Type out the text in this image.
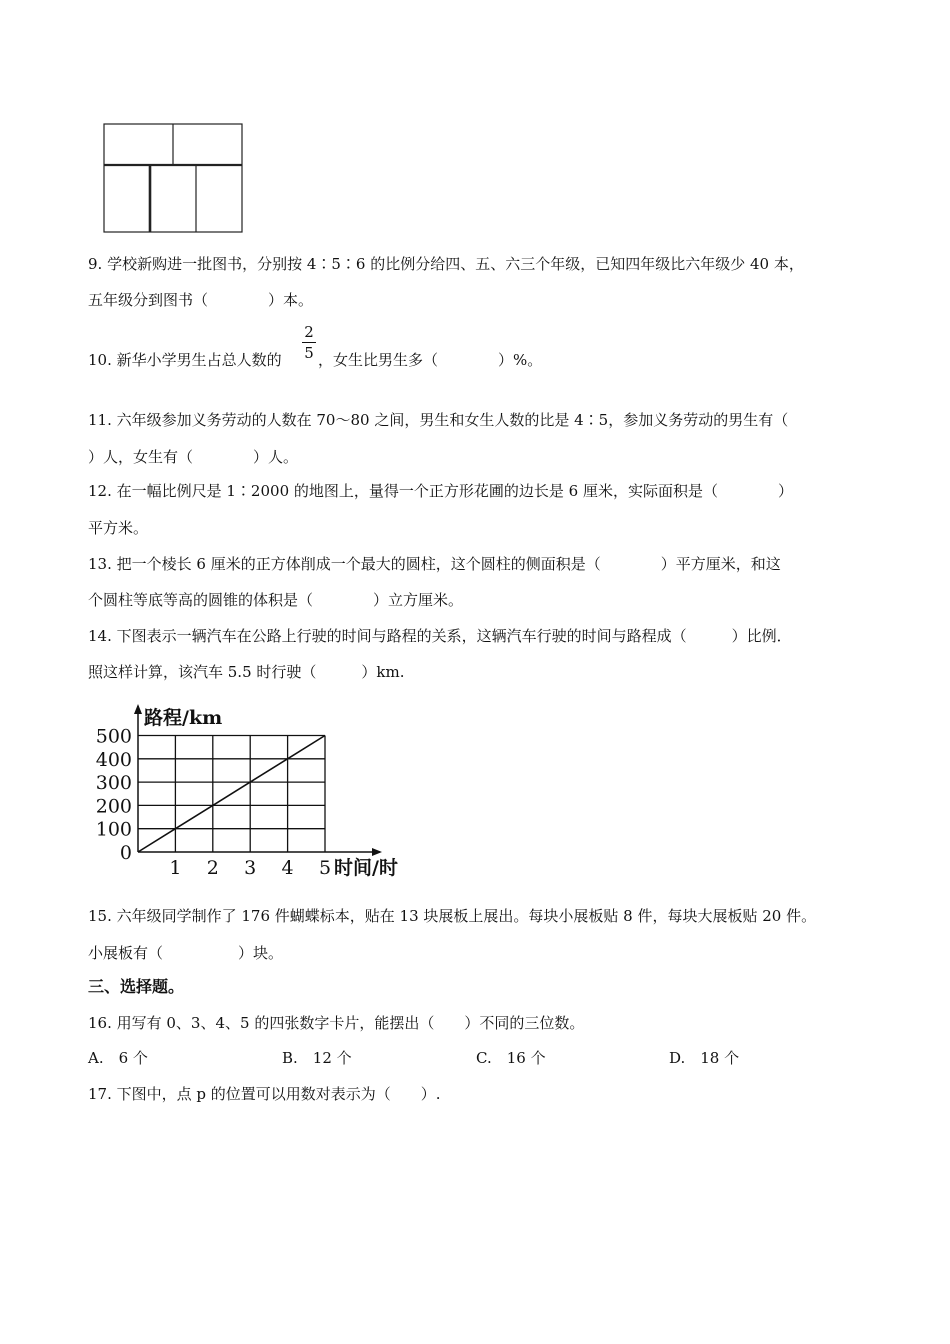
9. 学校新购进一批图书，分别按 4∶5∶6 的比例分给四、五、六三个年级，已知四年级比六年级少 40 本，
五年级分到图书（　　　　）本。
10. 新华小学男生占总人数的
2
5 ，女生比男生多（　　　　）%。
11. 六年级参加义务劳动的人数在 70～80 之间，男生和女生人数的比是 4∶5，参加义务劳动的男生有（
）人，女生有（　　　　）人。
12. 在一幅比例尺是 1∶2000 的地图上，量得一个正方形花圃的边长是 6 厘米，实际面积是（　　　　）
平方米。
13. 把一个棱长 6 厘米的正方体削成一个最大的圆柱，这个圆柱的侧面积是（　　　　）平方厘米，和这
个圆柱等底等高的圆锥的体积是（　　　　）立方厘米。
14. 下图表示一辆汽车在公路上行驶的时间与路程的关系，这辆汽车行驶的时间与路程成（　　　）比例．
照这样计算，该汽车 5.5 时行驶（　　　）km.
0
100
200
300
400
500
1 2 3 4 5
路程/km
时间/时
15. 六年级同学制作了 176 件蝴蝶标本，贴在 13 块展板上展出。每块小展板贴 8 件，每块大展板贴 20 件。
小展板有（　　　　　）块。
三、选择题。
16. 用写有 0、3、4、5 的四张数字卡片，能摆出（　　）不同的三位数。
A.　6 个	B.　12 个	C.　16 个	D.　18 个
17. 下图中，点 p 的位置可以用数对表示为（　　）.
